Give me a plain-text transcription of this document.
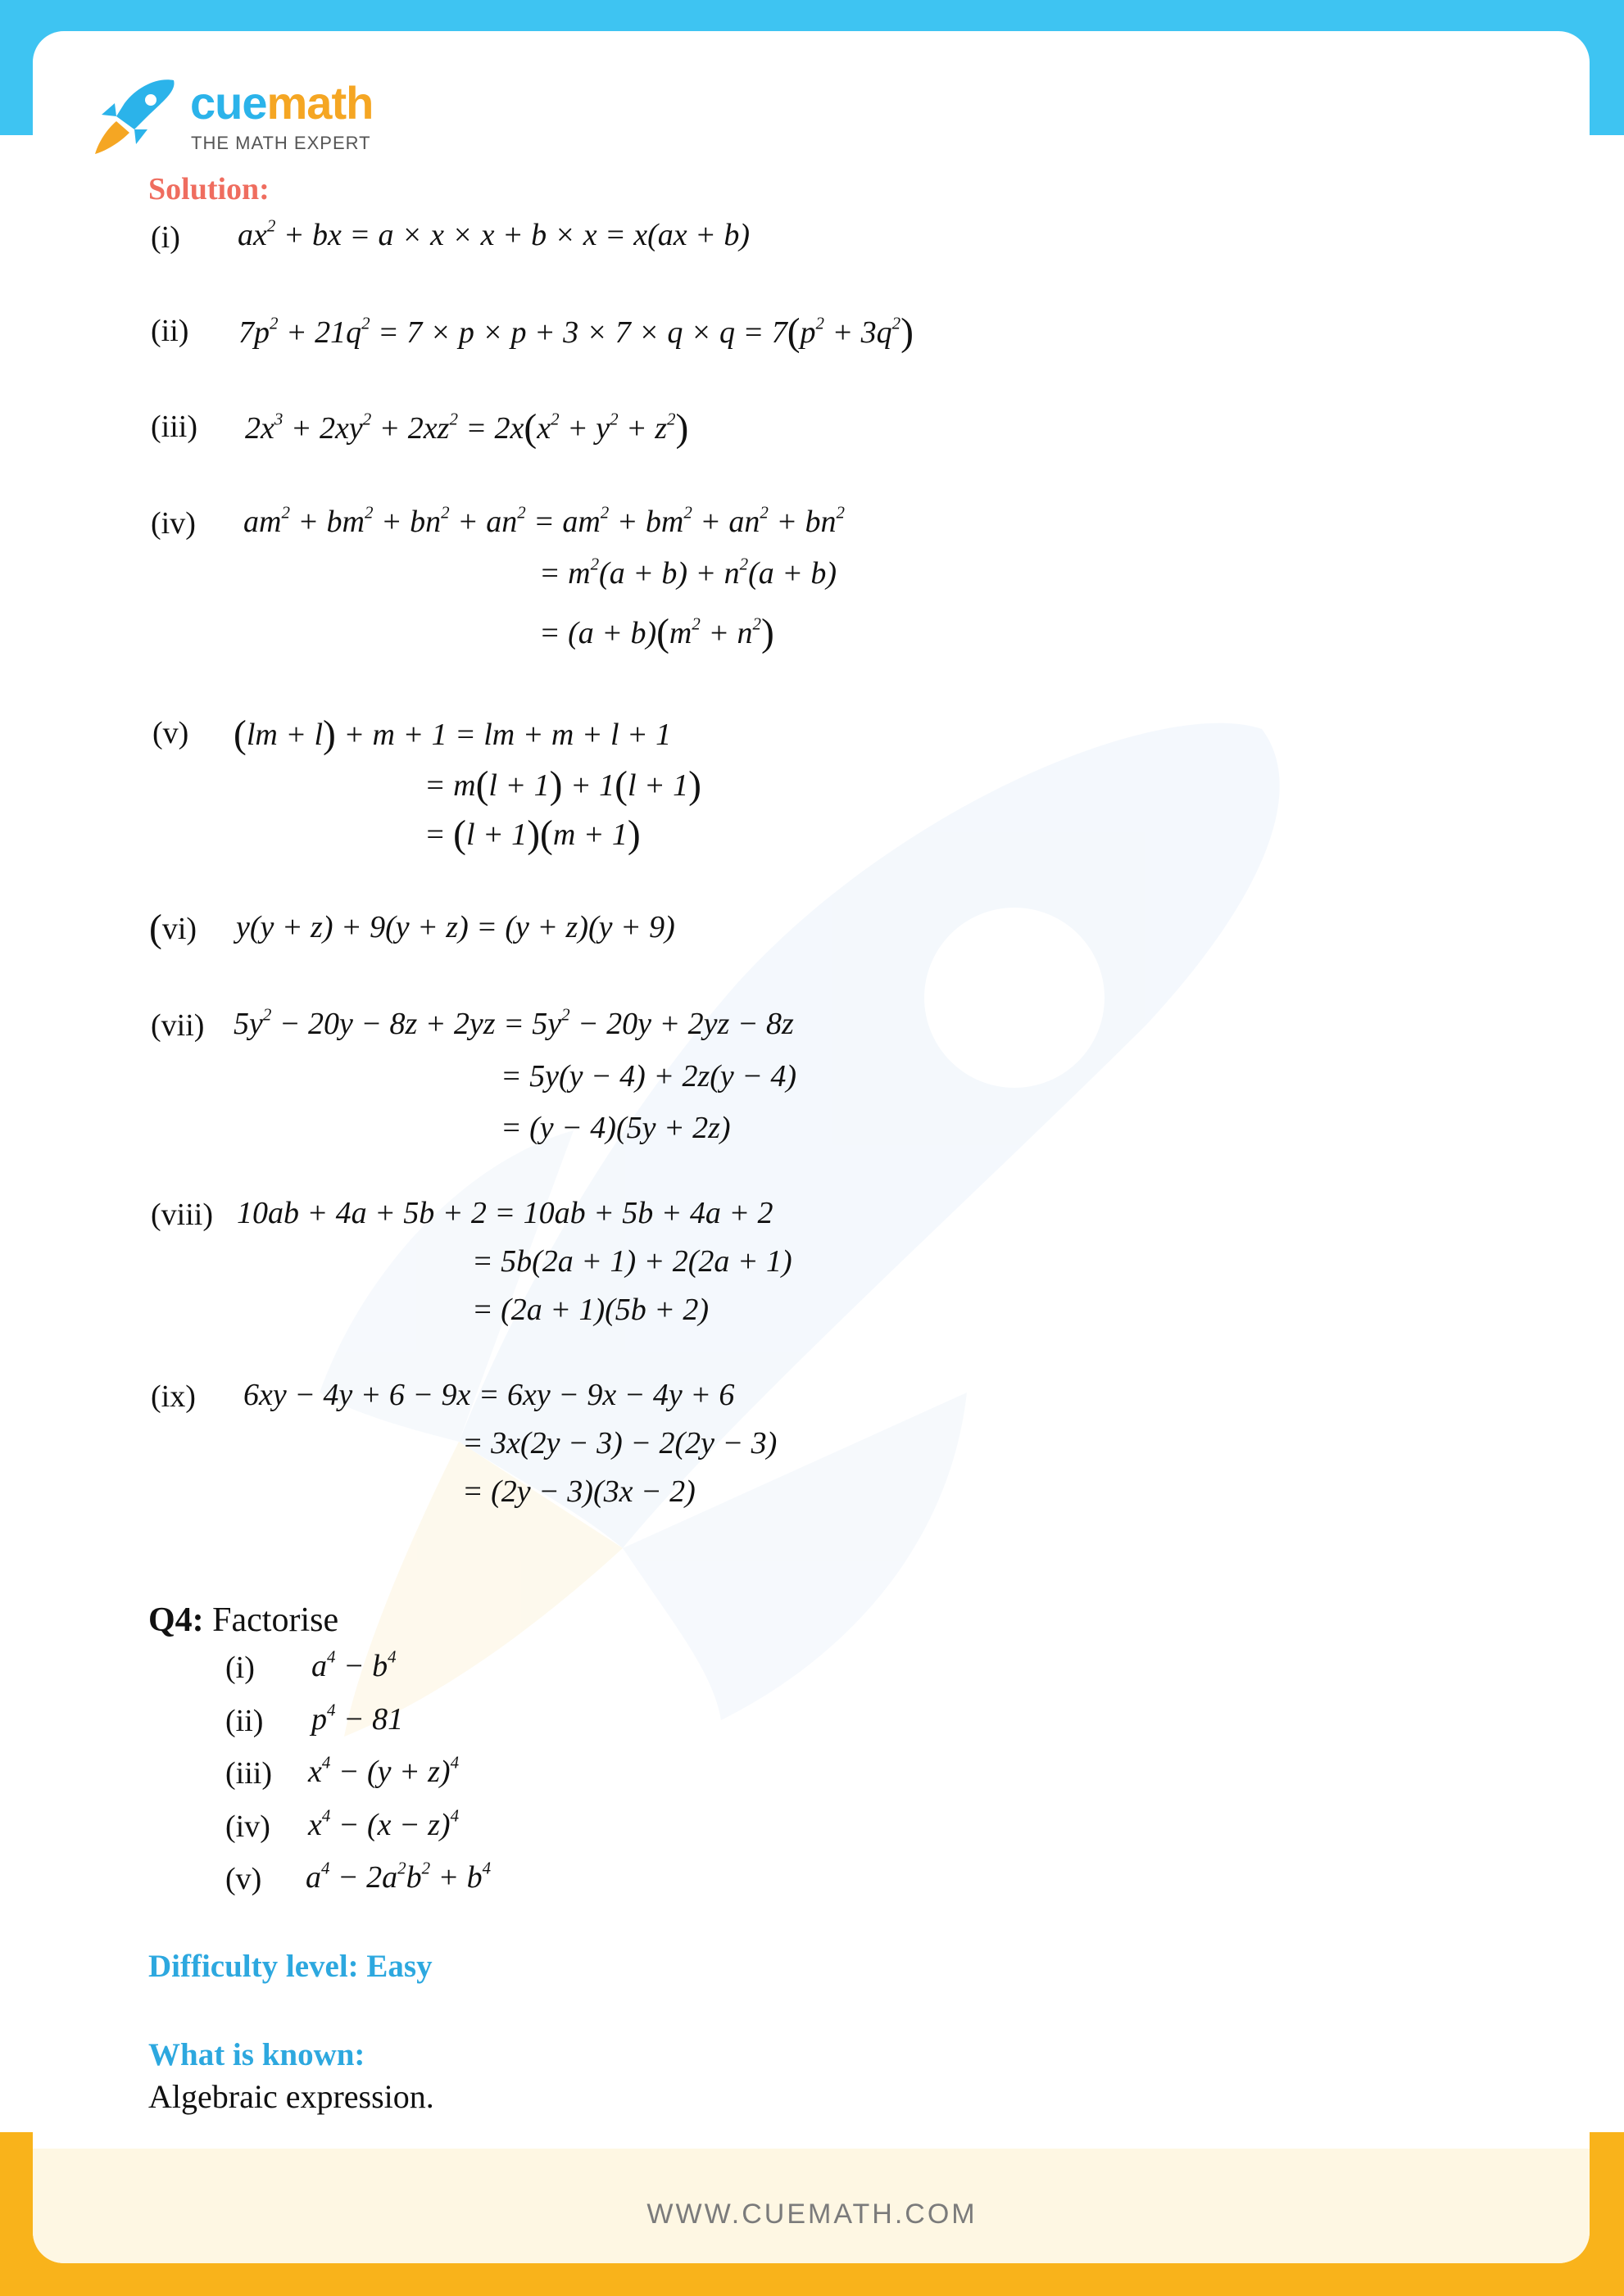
cuemath
THE MATH EXPERT
Solution:
(i) $ax^2$ + bx = a × x × x + b × x = x(ax + b)
(ii) $7p^2 + 21q^2 = 7 \times p \times p + 3 \times 7 \times q \times q = 7(p^2 + 3q^2)$
(iii) $2x^3 + 2xy^2 + 2xz^2 = 2x(x^2 + y^2 + z^2)$
(iv) $am^2 + bm^2 + bn^2 + an^2 = am^2 + bm^2 + an^2 + bn^2$
= $m^2(a + b) + n^2(a + b)$
= $(a + b)(m^2 + n^2)$
(v) (lm + l) + m + 1 = lm + m + l + 1
= m(l + 1) + 1(l + 1)
= (l + 1)(m + 1)
(vi) y(y + z) + 9(y + z) = (y + z)(y + 9)
(vii) $5y^2 - 20y - 8z + 2yz = 5y^2 - 20y + 2yz - 8z$
= 5y(y − 4) + 2z(y − 4)
= (y − 4)(5y + 2z)
(viii) 10ab + 4a + 5b + 2 = 10ab + 5b + 4a + 2
= 5b(2a + 1) + 2(2a + 1)
= (2a + 1)(5b + 2)
(ix) 6xy − 4y + 6 − 9x = 6xy − 9x − 4y + 6
= 3x(2y − 3) − 2(2y − 3)
= (2y − 3)(3x − 2)
Q4: Factorise
(i) $a^4 - b^4$
(ii) $p^4 - 81$
(iii) $x^4 - (y + z)^4$
(iv) $x^4 - (x - z)^4$
(v) $a^4 - 2a^2b^2 + b^4$
Difficulty level: Easy
What is known:
Algebraic expression.
WWW.CUEMATH.COM
